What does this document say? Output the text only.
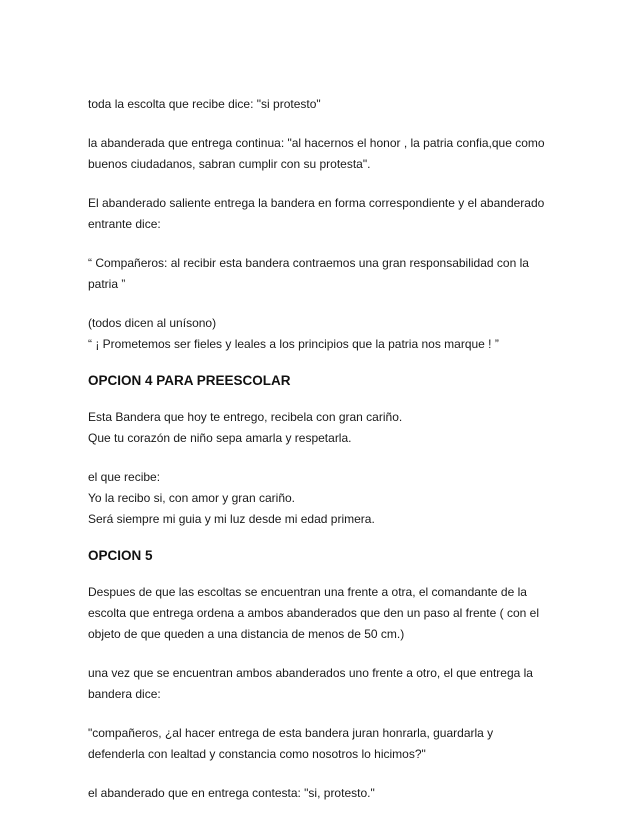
toda la escolta que recibe dice: "si protesto"

la abanderada que entrega continua: "al hacernos el honor , la patria confia,que como
buenos ciudadanos, sabran cumplir con su protesta".

El abanderado saliente entrega la bandera en forma correspondiente y el abanderado
entrante dice:

“ Compañeros: al recibir esta bandera contraemos una gran responsabilidad con la
patria ”

(todos dicen al unísono)
“ ¡ Prometemos ser fieles y leales a los principios que la patria nos marque ! ”

OPCION 4 PARA PREESCOLAR

Esta Bandera que hoy te entrego, recibela con gran cariño.
Que tu corazón de niño sepa amarla y respetarla.

el que recibe:
Yo la recibo si, con amor y gran cariño.
Será siempre mi guia y mi luz desde mi edad primera.

OPCION 5

Despues de que las escoltas se encuentran una frente a otra, el comandante de la
escolta que entrega ordena a ambos abanderados que den un paso al frente ( con el
objeto de que queden a una distancia de menos de 50 cm.)

una vez que se encuentran ambos abanderados uno frente a otro, el que entrega la
bandera dice:

"compañeros, ¿al hacer entrega de esta bandera juran honrarla, guardarla y
defenderla con lealtad y constancia como nosotros lo hicimos?"

el abanderado que en entrega contesta: "si, protesto."
